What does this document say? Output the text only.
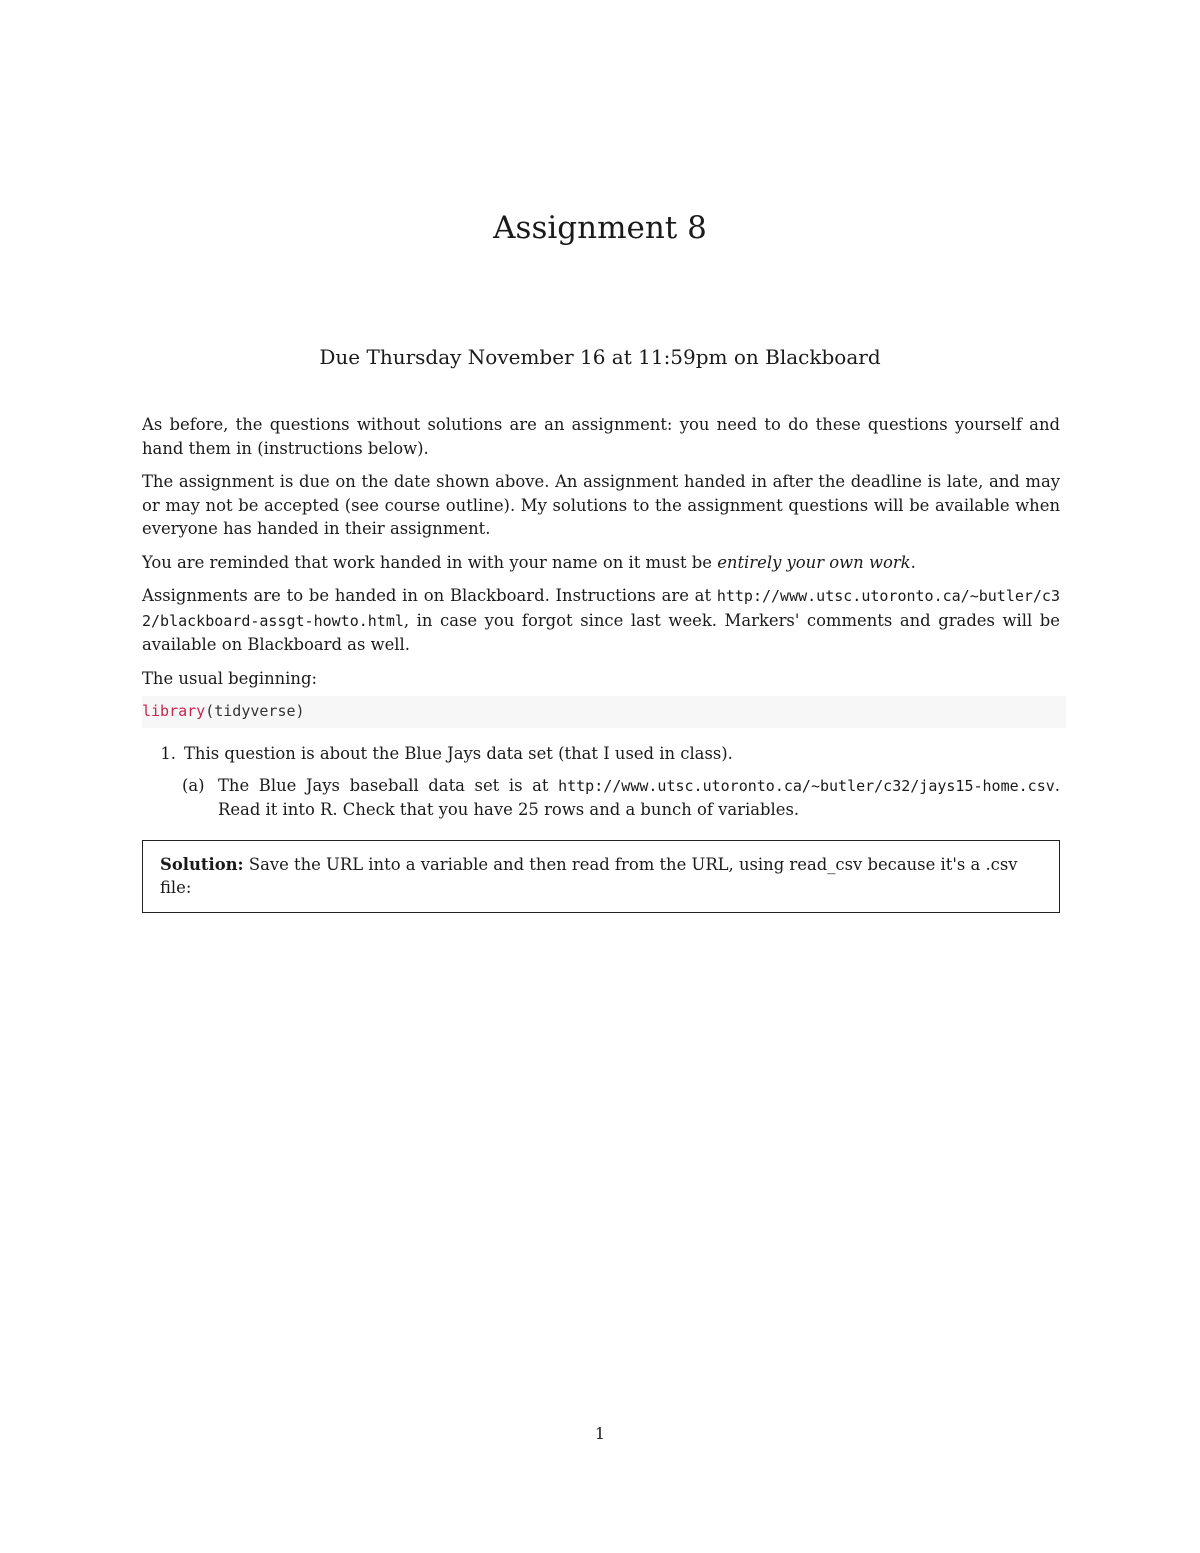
Assignment 8
Due Thursday November 16 at 11:59pm on Blackboard

As before, the questions without solutions are an assignment: you need to do these questions yourself and hand them in (instructions below).

The assignment is due on the date shown above. An assignment handed in after the deadline is late, and may or may not be accepted (see course outline). My solutions to the assignment questions will be available when everyone has handed in their assignment.

You are reminded that work handed in with your name on it must be entirely your own work.

Assignments are to be handed in on Blackboard. Instructions are at http://www.utsc.utoronto.ca/~butler/c32/blackboard-assgt-howto.html, in case you forgot since last week. Markers' comments and grades will be available on Blackboard as well.

The usual beginning:

library(tidyverse)
1. This question is about the Blue Jays data set (that I used in class).
(a) The Blue Jays baseball data set is at http://www.utsc.utoronto.ca/~butler/c32/jays15-home.csv. Read it into R. Check that you have 25 rows and a bunch of variables.
Solution: Save the URL into a variable and then read from the URL, using read_csv because it's a .csv file:
1
